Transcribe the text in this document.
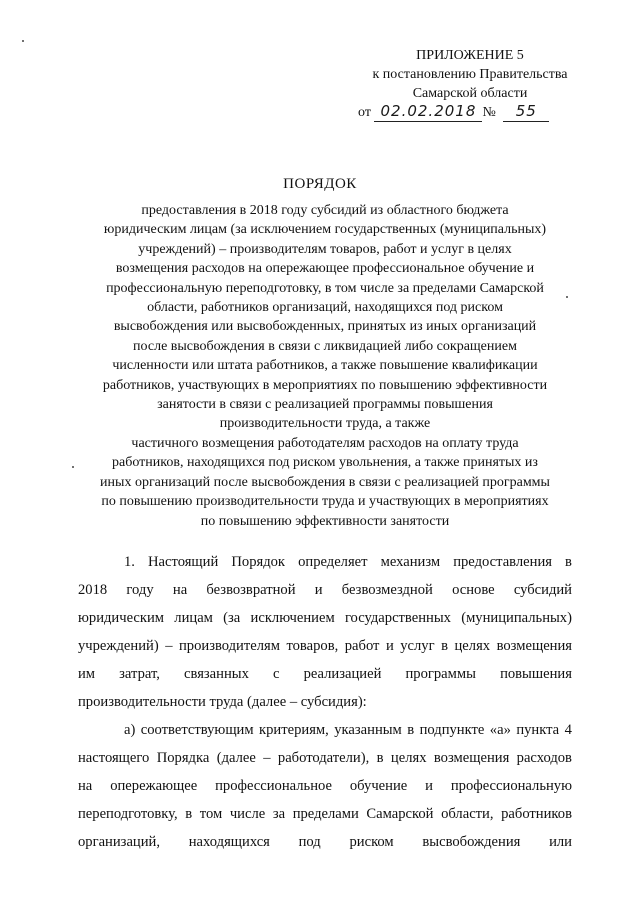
ПРИЛОЖЕНИЕ 5
к постановлению Правительства
Самарской области
от 02.02.2018 № 55
ПОРЯДОК
предоставления в 2018 году субсидий из областного бюджета
юридическим лицам (за исключением государственных (муниципальных)
учреждений) – производителям товаров, работ и услуг в целях
возмещения расходов на опережающее профессиональное обучение и
профессиональную переподготовку, в том числе за пределами Самарской
области, работников организаций, находящихся под риском
высвобождения или высвобожденных, принятых из иных организаций
после высвобождения в связи с ликвидацией либо сокращением
численности или штата работников, а также повышение квалификации
работников, участвующих в мероприятиях по повышению эффективности
занятости в связи с реализацией программы повышения
производительности труда, а также
частичного возмещения работодателям расходов на оплату труда
работников, находящихся под риском увольнения, а также принятых из
иных организаций после высвобождения в связи с реализацией программы
по повышению производительности труда и участвующих в мероприятиях
по повышению эффективности занятости
1. Настоящий Порядок определяет механизм предоставления в
2018 году на безвозвратной и безвозмездной основе субсидий
юридическим лицам (за исключением государственных (муниципальных)
учреждений) – производителям товаров, работ и услуг в целях возмещения
им затрат, связанных с реализацией программы повышения
производительности труда (далее – субсидия):
а) соответствующим критериям, указанным в подпункте «а» пункта 4
настоящего Порядка (далее – работодатели), в целях возмещения расходов
на опережающее профессиональное обучение и профессиональную
переподготовку, в том числе за пределами Самарской области, работников
организаций, находящихся под риском высвобождения или
